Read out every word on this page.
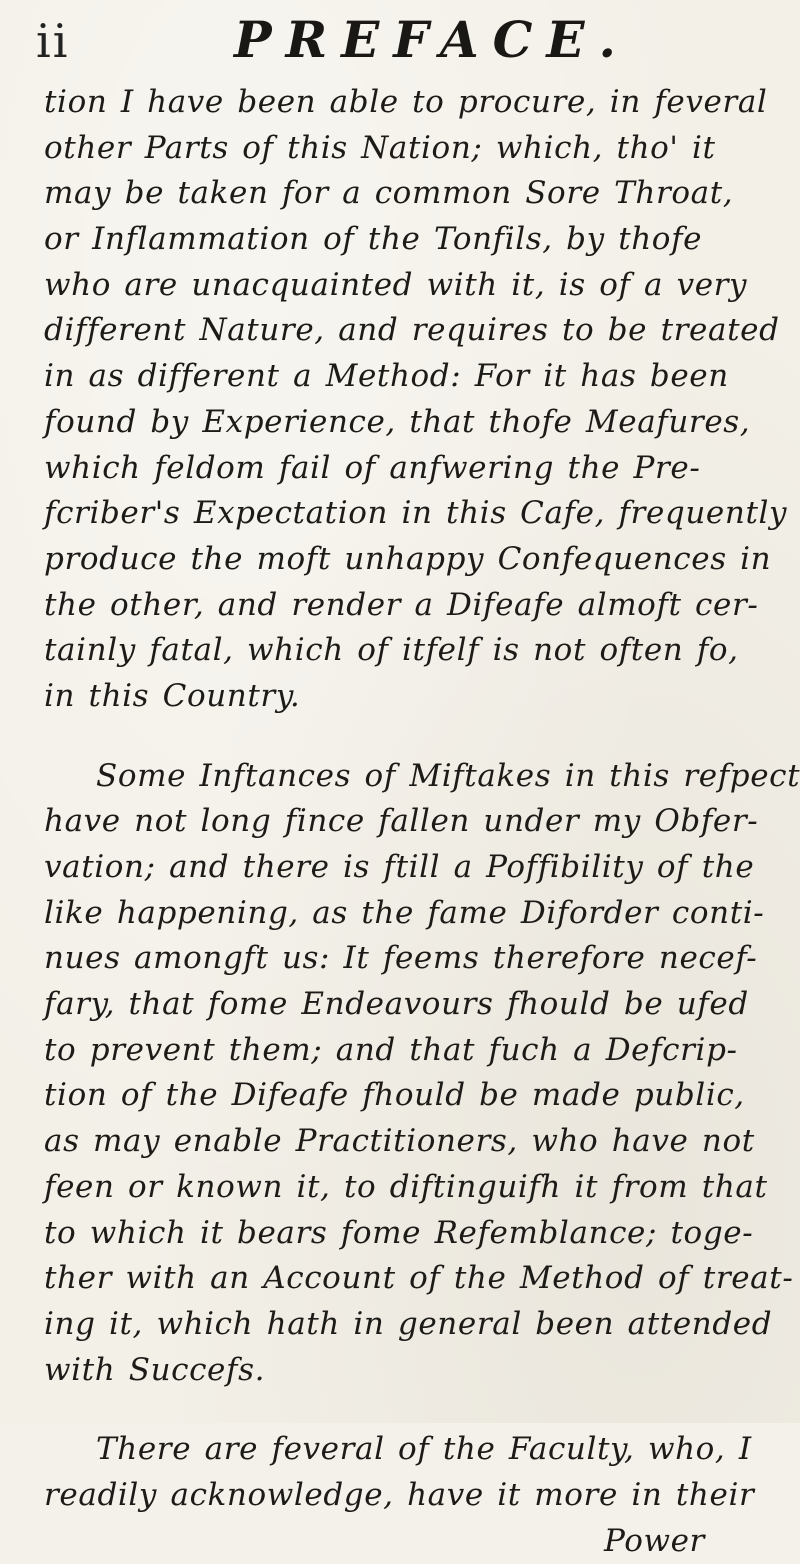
ii	PREFACE.
tion I have been able to procure, in feveral
other Parts of this Nation; which, tho' it
may be taken for a common Sore Throat,
or Inflammation of the Tonfils, by thofe
who are unacquainted with it, is of a very
different Nature, and requires to be treated
in as different a Method: For it has been
found by Experience, that thofe Meafures,
which feldom fail of anfwering the Pre-
fcriber's Expectation in this Cafe, frequently
produce the moft unhappy Confequences in
the other, and render a Difeafe almoft cer-
tainly fatal, which of itfelf is not often fo,
in this Country.
Some Inftances of Miftakes in this refpect
have not long fince fallen under my Obfer-
vation; and there is ftill a Poffibility of the
like happening, as the fame Diforder conti-
nues amongft us: It feems therefore necef-
fary, that fome Endeavours fhould be ufed
to prevent them; and that fuch a Defcrip-
tion of the Difeafe fhould be made public,
as may enable Practitioners, who have not
feen or known it, to diftinguifh it from that
to which it bears fome Refemblance; toge-
ther with an Account of the Method of treat-
ing it, which hath in general been attended
with Succefs.
There are feveral of the Faculty, who, I
readily acknowledge, have it more in their
Power
